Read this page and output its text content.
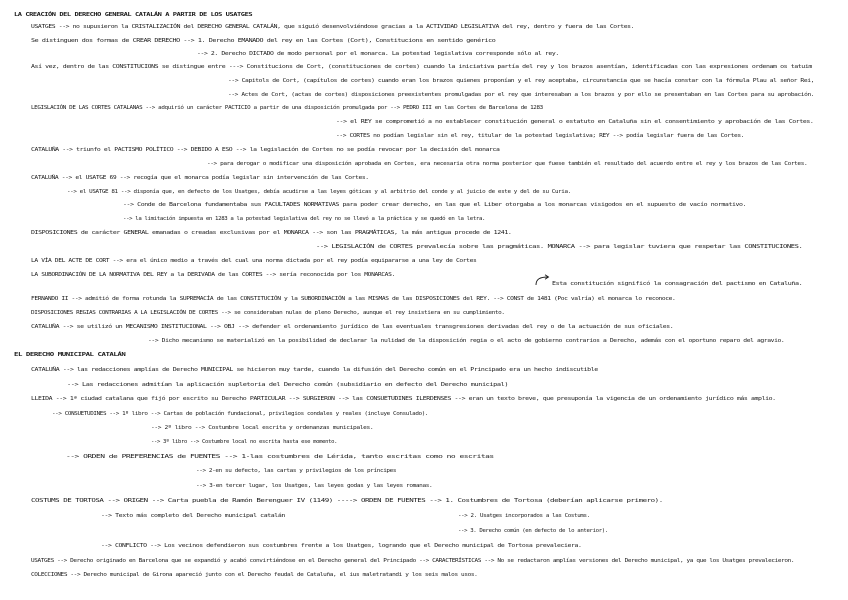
LA CREACIÓN DEL DERECHO GENERAL CATALÁN A PARTIR DE LOS USATGES
USATGES --> no supusieron la CRISTALIZACIÓN del DERECHO GENERAL CATALÁN, que siguió desenvolviéndose gracias a la ACTIVIDAD LEGISLATIVA del rey, dentro y fuera de las Cortes.
Se distinguen dos formas de CREAR DERECHO --> 1. Derecho EMANADO del rey en las Cortes (Cort), Constitucions en sentido genérico
--> 2. Derecho DICTADO de modo personal por el monarca. La potestad legislativa corresponde sólo al rey.
Así vez, dentro de las CONSTITUCIONS se distingue entre ---> Constitucions de Cort, (constituciones de cortes) cuando la iniciativa partía del rey y los brazos asentían, identificadas con las expresiones ordenam os tatuim
--> Capitols de Cort, (capítulos de cortes) cuando eran los brazos quienes proponían y el rey aceptaba, circunstancia que se hacía constar con la fórmula Plau al señor Rei,
--> Actes de Cort, (actas de cortes) disposiciones preexistentes promulgadas por el rey que interesaban a los brazos y por ello se presentaban en las Cortes para su aprobación.
LEGISLACIÓN DE LAS CORTES CATALANAS --> adquirió un carácter PACTICIO a partir de una disposición promulgada por --> PEDRO III en las Cortes de Barcelona de 1283
--> el REY se comprometió a no establecer constitución general o estatuto en Cataluña sin el consentimiento y aprobación de las Cortes.
--> CORTES no podían legislar sin el rey, titular de la potestad legislativa; REY --> podía legislar fuera de las Cortes.
CATALUÑA --> triunfo el PACTISMO POLÍTICO --> DEBIDO A ESO --> la legislación de Cortes no se podía revocar por la decisión del monarca
--> para derogar o modificar una disposición aprobada en Cortes, era necesaria otra norma posterior que fuese también el resultado del acuerdo entre el rey y los brazos de las Cortes.
CATALUÑA --> el USATGE 69 --> recogía que el monarca podía legislar sin intervención de las Cortes.
--> el USATGE 81 --> disponía que, en defecto de los Usatges, debía acudirse a las leyes góticas y al arbitrio del conde y al juicio de este y del de su Curia.
--> Conde de Barcelona fundamentaba sus FACULTADES NORMATIVAS para poder crear derecho, en las que el Liber otorgaba a los monarcas visigodos en el supuesto de vacío normativo.
--> la limitación impuesta en 1283 a la potestad legislativa del rey no se llevó a la práctica y se quedó en la letra.
DISPOSICIONES de carácter GENERAL emanadas o creadas exclusivas por el MONARCA --> son las PRAGMÁTICAS, la más antigua procede de 1241.
--> LEGISLACIÓN de CORTES prevalecía sobre las pragmáticas. MONARCA --> para legislar tuviera que respetar las CONSTITUCIONES.
LA VÍA DEL ACTE DE CORT --> era el único medio a través del cual una norma dictada por el rey podía equipararse a una ley de Cortes
LA SUBORDINACIÓN DE LA NORMATIVA DEL REY a la DERIVADA de las CORTES --> sería reconocida por los MONARCAS.
Esta constitución significó la consagración del pactismo en Cataluña.
FERNANDO II --> admitió de forma rotunda la SUPREMACÍA de las CONSTITUCIÓN y la SUBORDINACIÓN a las MISMAS de las DISPOSICIONES del REY. --> CONST de 1481 (Poc valría) el monarca lo reconoce.
DISPOSICIONES REGIAS CONTRARIAS A LA LEGISLACIÓN DE CORTES --> se consideraban nulas de pleno Derecho, aunque el rey insistiera en su cumplimiento.
CATALUÑA --> se utilizó un MECANISMO INSTITUCIONAL --> OBJ --> defender el ordenamiento jurídico de las eventuales transgresiones derivadas del rey o de la actuación de sus oficiales.
--> Dicho mecanismo se materializó en la posibilidad de declarar la nulidad de la disposición regia o el acto de gobierno contrarios a Derecho, además con el oportuno reparo del agravio.
EL DERECHO MUNICIPAL CATALÁN
CATALUÑA --> las redacciones amplías de Derecho MUNICIPAL se hicieron muy tarde, cuando la difusión del Derecho común en el Principado era un hecho indiscutible
--> Las redacciones admitían la aplicación supletoria del Derecho común (subsidiario en defecto del Derecho municipal)
LLEIDA --> 1ª ciudad catalana que fijó por escrito su Derecho PARTICULAR --> SURGIERON --> las CONSUETUDINES ILERDENSES --> eran un texto breve, que presuponía la vigencia de un ordenamiento jurídico más amplio.
--> CONSUETUDINES --> 1º libro --> Cartas de población fundacional, privilegios condales y reales (incluye Consulado).
--> 2º libro --> Costumbre local escrita y ordenanzas municipales.
--> 3º libro --> Costumbre local no escrita hasta ese momento.
--> ORDEN de PREFERENCIAS de FUENTES --> 1-las costumbres de Lérida, tanto escritas como no escritas
--> 2-en su defecto, las cartas y privilegios de los príncipes
--> 3-en tercer lugar, los Usatges, las leyes godas y las leyes romanas.
COSTUMS DE TORTOSA --> ORIGEN --> Carta puebla de Ramón Berenguer IV (1149) ----> ORDEN DE FUENTES --> 1. Costumbres de Tortosa (deberían aplicarse primero).
--> Texto más completo del Derecho municipal catalán	--> 2. Usatges incorporados a las Costums.
--> 3. Derecho común (en defecto de lo anterior).
--> CONFLICTO --> Los vecinos defendieron sus costumbres frente a los Usatges, logrando que el Derecho municipal de Tortosa prevaleciera.
USATGES --> Derecho originado en Barcelona que se expandió y acabó convirtiéndose en el Derecho general del Principado --> CARACTERÍSTICAS --> No se redactaron amplías versiones del Derecho municipal, ya que los Usatges prevalecieron.
COLECCIONES --> Derecho municipal de Girona apareció junto con el Derecho feudal de Cataluña, el ius maletratandi y los seis malos usos.
